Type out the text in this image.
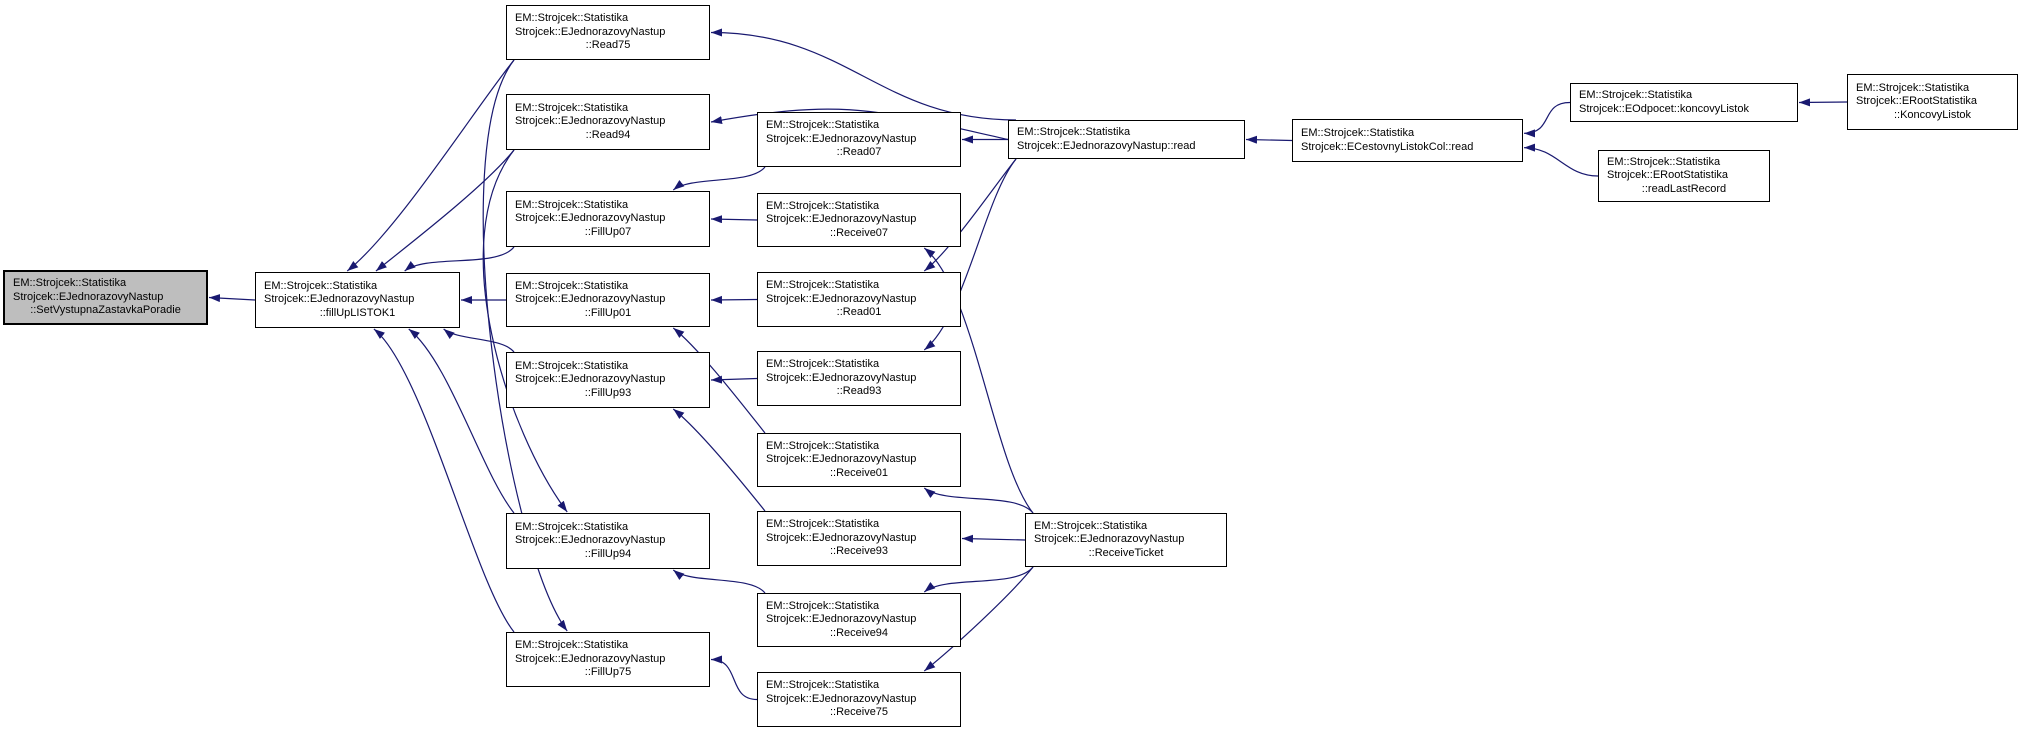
EM::Strojcek::Statistika
Strojcek::EJednorazovyNastup
::SetVystupnaZastavkaPoradie
EM::Strojcek::Statistika
Strojcek::EJednorazovyNastup
::fillUpLISTOK1
EM::Strojcek::Statistika
Strojcek::EJednorazovyNastup
::Read75
EM::Strojcek::Statistika
Strojcek::EJednorazovyNastup
::Read94
EM::Strojcek::Statistika
Strojcek::EJednorazovyNastup
::FillUp07
EM::Strojcek::Statistika
Strojcek::EJednorazovyNastup
::FillUp01
EM::Strojcek::Statistika
Strojcek::EJednorazovyNastup
::FillUp93
EM::Strojcek::Statistika
Strojcek::EJednorazovyNastup
::FillUp94
EM::Strojcek::Statistika
Strojcek::EJednorazovyNastup
::FillUp75
EM::Strojcek::Statistika
Strojcek::EJednorazovyNastup
::Read07
EM::Strojcek::Statistika
Strojcek::EJednorazovyNastup
::Receive07
EM::Strojcek::Statistika
Strojcek::EJednorazovyNastup
::Read01
EM::Strojcek::Statistika
Strojcek::EJednorazovyNastup
::Read93
EM::Strojcek::Statistika
Strojcek::EJednorazovyNastup
::Receive01
EM::Strojcek::Statistika
Strojcek::EJednorazovyNastup
::Receive93
EM::Strojcek::Statistika
Strojcek::EJednorazovyNastup
::Receive94
EM::Strojcek::Statistika
Strojcek::EJednorazovyNastup
::Receive75
EM::Strojcek::Statistika
Strojcek::EJednorazovyNastup::read
EM::Strojcek::Statistika
Strojcek::EJednorazovyNastup
::ReceiveTicket
EM::Strojcek::Statistika
Strojcek::ECestovnyListokCol::read
EM::Strojcek::Statistika
Strojcek::EOdpocet::koncovyListok
EM::Strojcek::Statistika
Strojcek::ERootStatistika
::readLastRecord
EM::Strojcek::Statistika
Strojcek::ERootStatistika
::KoncovyListok
